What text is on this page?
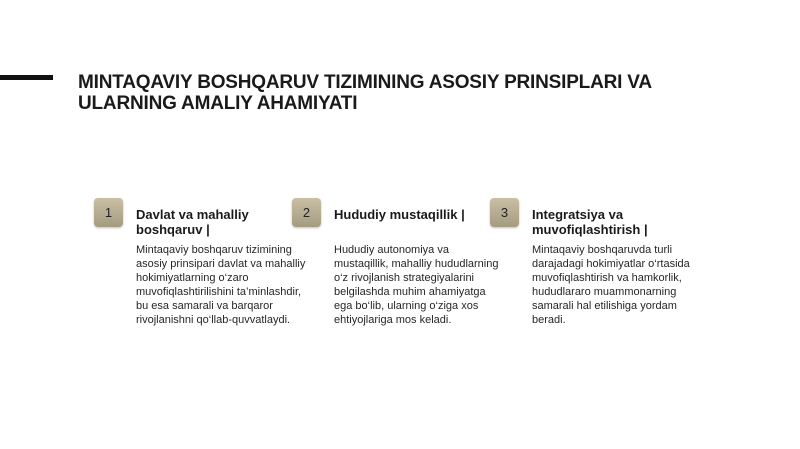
MINTAQAVIY BOSHQARUV TIZIMINING ASOSIY PRINSIPLARI VA ULARNING AMALIY AHAMIYATI
1	Davlat va mahalliy boshqaruv |

Mintaqaviy boshqaruv tizimining asosiy prinsipari davlat va mahalliy hokimiyatlarning o‘zaro muvofiqlashtirilishini ta’minlashdir, bu esa samarali va barqaror rivojlanishni qo‘llab-quvvatlaydi.

2	Hududiy mustaqillik |

Hududiy autonomiya va mustaqillik, mahalliy hududlarning o‘z rivojlanish strategiyalarini belgilashda muhim ahamiyatga ega bo‘lib, ularning o‘ziga xos ehtiyojlariga mos keladi.

3	Integratsiya va muvofiqlashtirish |

Mintaqaviy boshqaruvda turli darajadagi hokimiyatlar o‘rtasida muvofiqlashtirish va hamkorlik, hududlararo muammonarning samarali hal etilishiga yordam beradi.
